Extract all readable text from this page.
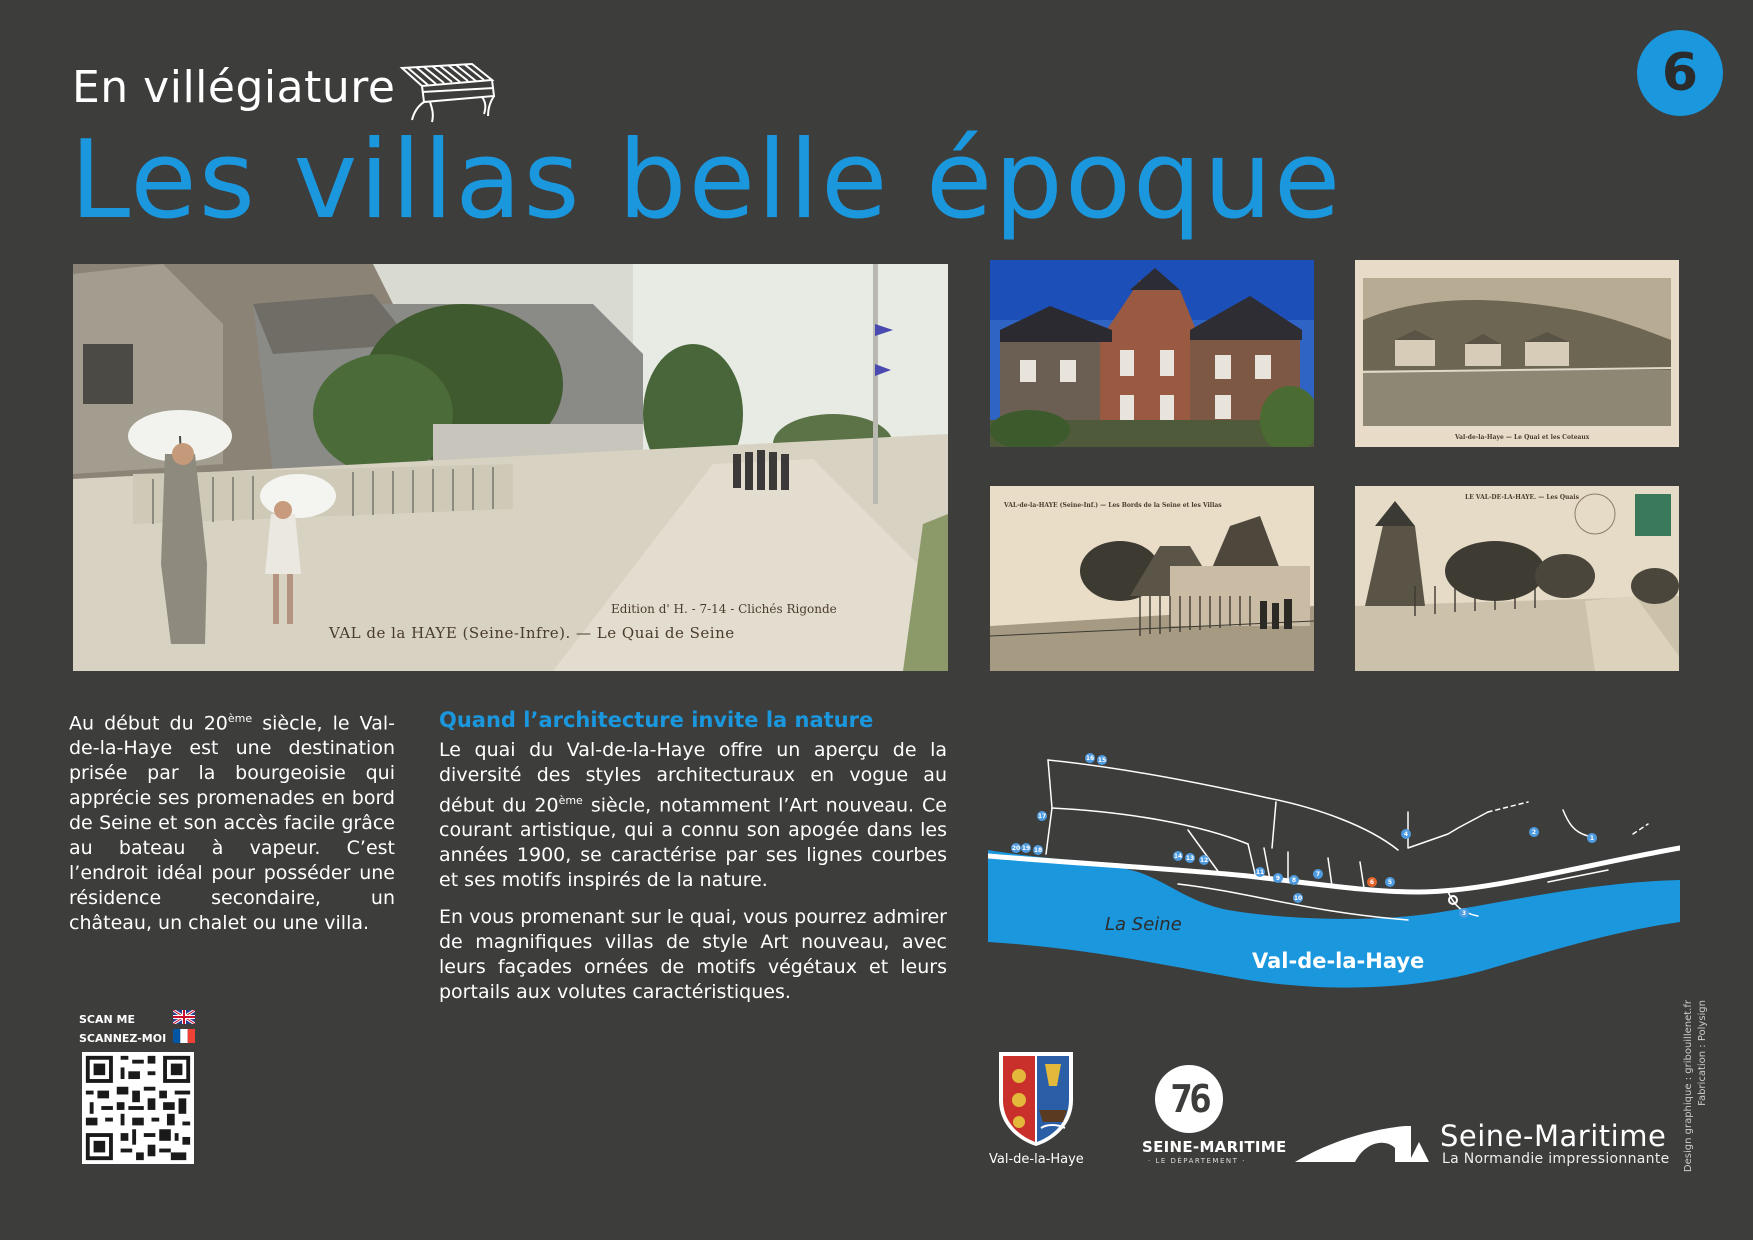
En villégiature
Les villas belle époque
6
Edition d' H. - 7-14 - Clichés Rigonde
VAL de la HAYE (Seine-Infre). — Le Quai de Seine
Val-de-la-Haye — Le Quai et les Coteaux
VAL-de-la-HAYE (Seine-Inf.) — Les Bords de la Seine et les Villas
LE VAL-DE-LA-HAYE. — Les Quais
Au début du 20ème siècle, le Val-de-la-Haye est une destination prisée par la bourgeoisie qui apprécie ses promenades en bord de Seine et son accès facile grâce au bateau à vapeur. C’est l’endroit idéal pour posséder une résidence secondaire, un château, un chalet ou une villa.
Quand l’architecture invite la nature

Le quai du Val-de-la-Haye offre un aperçu de la diversité des styles architecturaux en vogue au début du 20ème siècle, notamment l’Art nouveau. Ce courant artistique, qui a connu son apogée dans les années 1900, se caractérise par ses lignes courbes et ses motifs inspirés de la nature.

En vous promenant sur le quai, vous pourrez admirer de magnifiques villas de style Art nouveau, avec leurs façades ornées de motifs végétaux et leurs portails aux volutes caractéristiques.

SCAN ME
SCANNEZ-MOI
1
2
3
4
5
6
7
8
9
10
11
12
13
14
15
16
17
18
19
20
La Seine
Val-de-la-Haye
Val-de-la-Haye
76
SEINE-MARITIME
· LE DÉPARTEMENT ·
Seine-Maritime
La Normandie impressionnante Design graphique : gribouillenet.fr Fabrication : Polysign
